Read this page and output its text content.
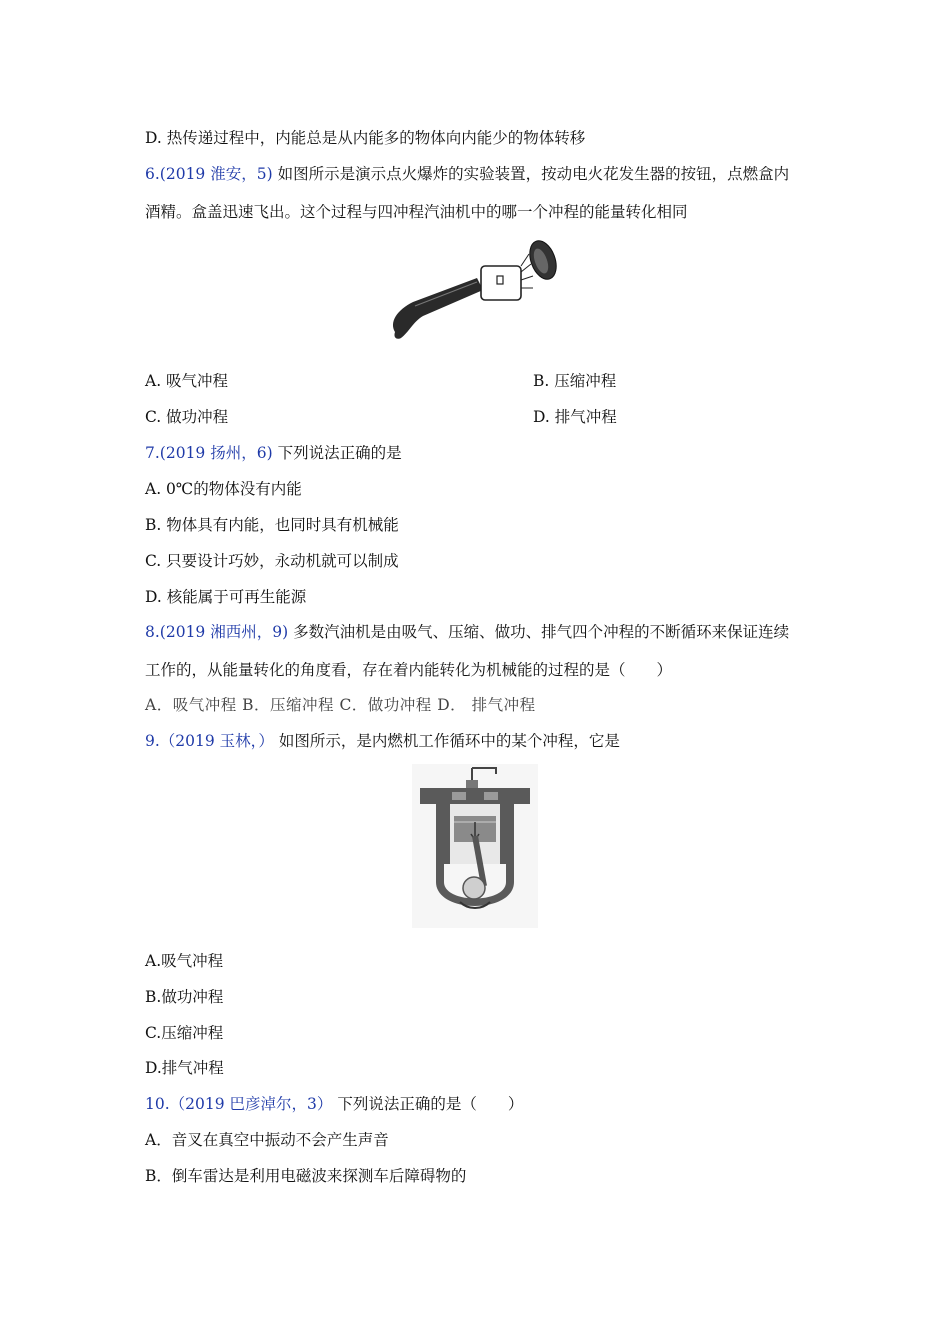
D. 热传递过程中，内能总是从内能多的物体向内能少的物体转移
6.(2019 淮安，5) 如图所示是演示点火爆炸的实验装置，按动电火花发生器的按钮，点燃盒内
酒精。盒盖迅速飞出。这个过程与四冲程汽油机中的哪一个冲程的能量转化相同
A. 吸气冲程	B. 压缩冲程
C. 做功冲程	D. 排气冲程
7.(2019 扬州，6) 下列说法正确的是
A. 0℃的物体没有内能
B. 物体具有内能，也同时具有机械能
C. 只要设计巧妙，永动机就可以制成
D. 核能属于可再生能源
8.(2019 湘西州，9) 多数汽油机是由吸气、压缩、做功、排气四个冲程的不断循环来保证连续
工作的，从能量转化的角度看，存在着内能转化为机械能的过程的是（　　）
A．吸气冲程 B．压缩冲程 C．做功冲程 D． 排气冲程
9.（2019 玉林，） 如图所示，是内燃机工作循环中的某个冲程，它是
A.吸气冲程
B.做功冲程
C.压缩冲程
D.排气冲程
10.（2019 巴彦淖尔，3） 下列说法正确的是（　　）
A．音叉在真空中振动不会产生声音
B．倒车雷达是利用电磁波来探测车后障碍物的
